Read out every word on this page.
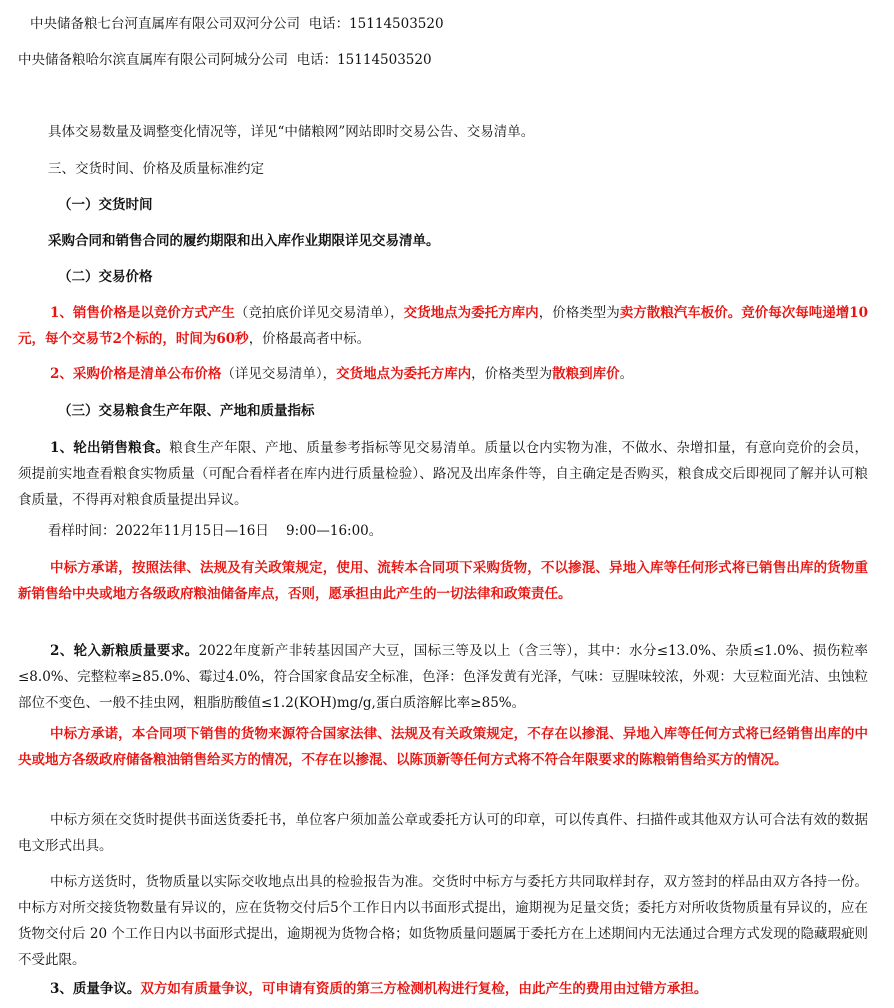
中央储备粮七台河直属库有限公司双河分公司  电话：15114503520
中央储备粮哈尔滨直属库有限公司阿城分公司  电话：15114503520
具体交易数量及调整变化情况等，详见“中储粮网”网站即时交易公告、交易清单。
三、交货时间、价格及质量标准约定
（一）交货时间
采购合同和销售合同的履约期限和出入库作业期限详见交易清单。
（二）交易价格

1、销售价格是以竞价方式产生（竞拍底价详见交易清单），交货地点为委托方库内，价格类型为卖方散粮汽车板价。竞价每次每吨递增10元，每个交易节2个标的，时间为60秒，价格最高者中标。

2、采购价格是清单公布价格（详见交易清单），交货地点为委托方库内，价格类型为散粮到库价。

（三）交易粮食生产年限、产地和质量指标

1、轮出销售粮食。粮食生产年限、产地、质量参考指标等见交易清单。质量以仓内实物为准，不做水、杂增扣量，有意向竞价的会员，须提前实地查看粮食实物质量（可配合看样者在库内进行质量检验）、路况及出库条件等，自主确定是否购买，粮食成交后即视同了解并认可粮食质量，不得再对粮食质量提出异议。

看样时间：2022年11月15日—16日    9:00—16:00。

中标方承诺，按照法律、法规及有关政策规定，使用、流转本合同项下采购货物，不以掺混、异地入库等任何形式将已销售出库的货物重新销售给中央或地方各级政府粮油储备库点，否则，愿承担由此产生的一切法律和政策责任。

2、轮入新粮质量要求。2022年度新产非转基因国产大豆，国标三等及以上（含三等），其中：水分≤13.0%、杂质≤1.0%、损伤粒率≤8.0%、完整粒率≥85.0%、霉过4.0%，符合国家食品安全标准，色泽：色泽发黄有光泽，气味：豆腥味较浓，外观：大豆粒面光洁、虫蚀粒部位不变色、一般不挂虫网，粗脂肪酸值≤1.2(KOH)mg/g,蛋白质溶解比率≥85%。

中标方承诺，本合同项下销售的货物来源符合国家法律、法规及有关政策规定，不存在以掺混、异地入库等任何方式将已经销售出库的中央或地方各级政府储备粮油销售给买方的情况，不存在以掺混、以陈顶新等任何方式将不符合年限要求的陈粮销售给买方的情况。

中标方须在交货时提供书面送货委托书，单位客户须加盖公章或委托方认可的印章，可以传真件、扫描件或其他双方认可合法有效的数据电文形式出具。

中标方送货时，货物质量以实际交收地点出具的检验报告为准。交货时中标方与委托方共同取样封存，双方签封的样品由双方各持一份。中标方对所交接货物数量有异议的，应在货物交付后5个工作日内以书面形式提出，逾期视为足量交货；委托方对所收货物质量有异议的，应在货物交付后 20 个工作日内以书面形式提出，逾期视为货物合格；如货物质量问题属于委托方在上述期间内无法通过合理方式发现的隐藏瑕疵则不受此限。

3、质量争议。双方如有质量争议，可申请有资质的第三方检测机构进行复检，由此产生的费用由过错方承担。
